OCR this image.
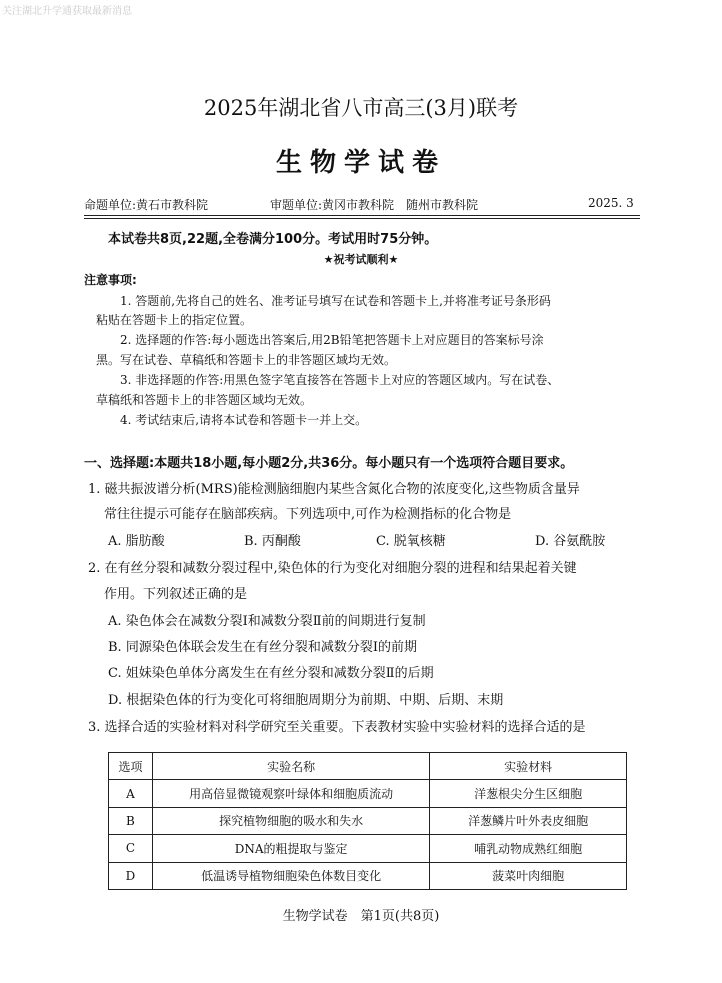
关注湖北升学通获取最新消息
2025年湖北省八市高三(3月)联考
生物学试卷
命题单位:黄石市教科院	审题单位:黄冈市教科院　随州市教科院	2025. 3
本试卷共8页,22题,全卷满分100分。考试用时75分钟。
★祝考试顺利★
注意事项:
1. 答题前,先将自己的姓名、准考证号填写在试卷和答题卡上,并将准考证号条形码
粘贴在答题卡上的指定位置。
2. 选择题的作答:每小题选出答案后,用2B铅笔把答题卡上对应题目的答案标号涂
黑。写在试卷、草稿纸和答题卡上的非答题区域均无效。
3. 非选择题的作答:用黑色签字笔直接答在答题卡上对应的答题区域内。写在试卷、
草稿纸和答题卡上的非答题区域均无效。
4. 考试结束后,请将本试卷和答题卡一并上交。
一、选择题:本题共18小题,每小题2分,共36分。每小题只有一个选项符合题目要求。
1. 磁共振波谱分析(MRS)能检测脑细胞内某些含氮化合物的浓度变化,这些物质含量异
常往往提示可能存在脑部疾病。下列选项中,可作为检测指标的化合物是
A. 脂肪酸	B. 丙酮酸	C. 脱氧核糖	D. 谷氨酰胺
2. 在有丝分裂和减数分裂过程中,染色体的行为变化对细胞分裂的进程和结果起着关键
作用。下列叙述正确的是
A. 染色体会在减数分裂Ⅰ和减数分裂Ⅱ前的间期进行复制
B. 同源染色体联会发生在有丝分裂和减数分裂Ⅰ的前期
C. 姐妹染色单体分离发生在有丝分裂和减数分裂Ⅱ的后期
D. 根据染色体的行为变化可将细胞周期分为前期、中期、后期、末期
3. 选择合适的实验材料对科学研究至关重要。下表教材实验中实验材料的选择合适的是
选项	实验名称	实验材料
A	用高倍显微镜观察叶绿体和细胞质流动	洋葱根尖分生区细胞
B	探究植物细胞的吸水和失水	洋葱鳞片叶外表皮细胞
C	DNA的粗提取与鉴定	哺乳动物成熟红细胞
D	低温诱导植物细胞染色体数目变化	菠菜叶肉细胞
生物学试卷　第1页(共8页)
